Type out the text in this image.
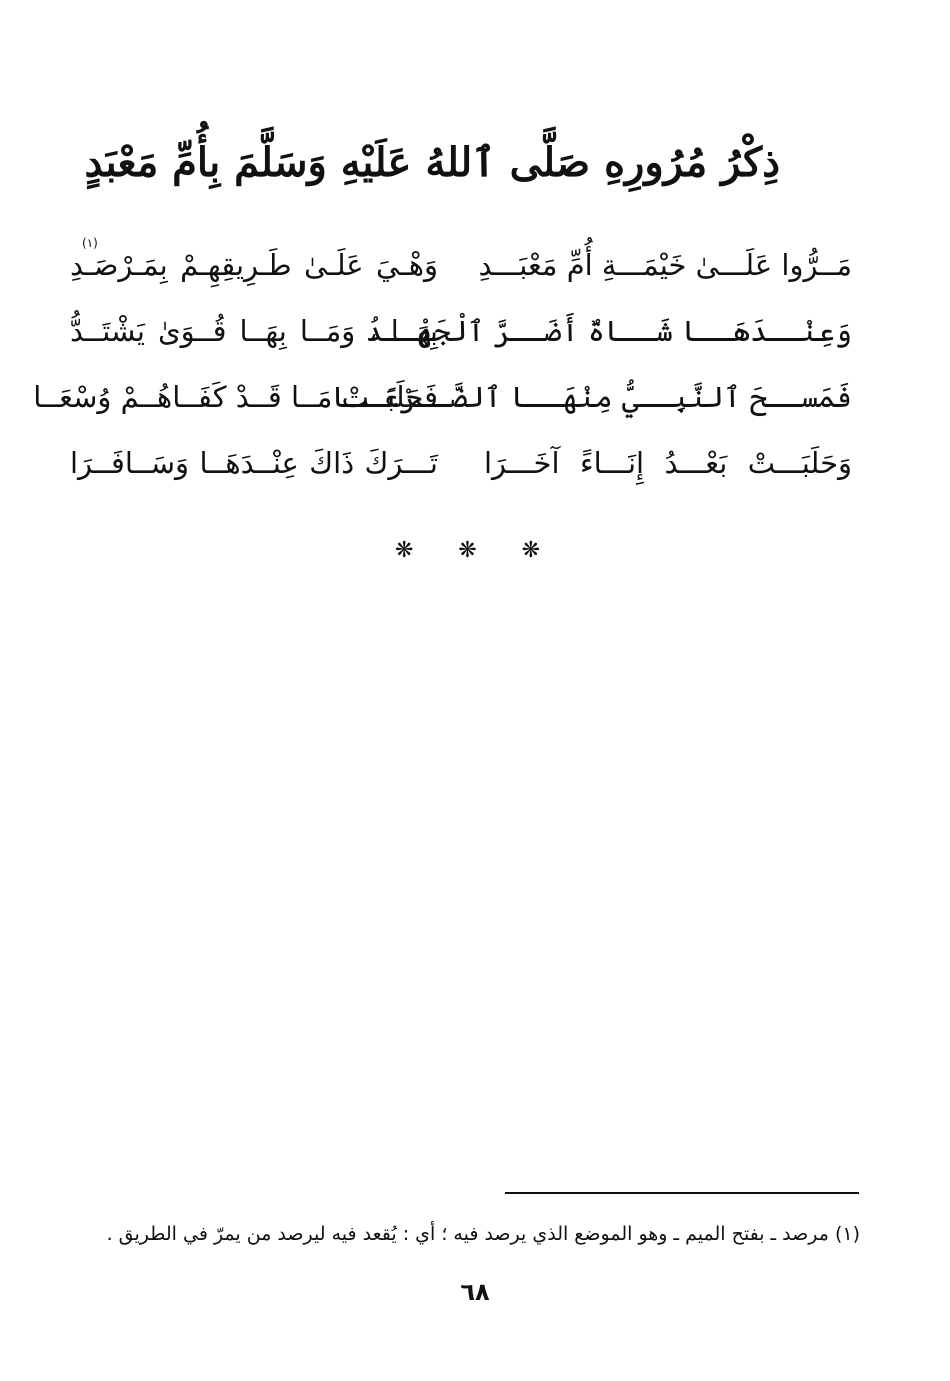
ذِكْرُ مُرُورِهِ صَلَّى ٱللهُ عَلَيْهِ وَسَلَّمَ بِأُمِّ مَعْبَدٍ
مَــرُّوا عَلَـــىٰ خَيْمَـــةِ أُمِّ مَعْبَـــدِ
وَهْـيَ عَلَـىٰ طَـرِيقِهِـمْ بِمَـرْصَـدِ
(١)
وَعِنْــدَهَــا شَــاةٌ أَضَــرَّ ٱلْجَهْــدُ
بِهَــا ، وَمَــا بِهَــا قُــوَىٰ يَشْتَــدُّ
فَمَســحَ ٱلنَّبِــيُّ مِنْهَــا ٱلضَّــرْعَــا
فَحَلَبَــتْ مَــا قَــدْ كَفَــاهُــمْ وُسْعَــا
وَحَلَبَـــتْ بَعْـــدُ إِنَـــاءً آخَـــرَا
تَـــرَكَ ذَاكَ عِنْــدَهَــا وَسَــافَــرَا
❋
❋
❋
(١) مرصد ـ بفتح الميم ـ وهو الموضع الذي يرصد فيه ؛ أي : يُقعد فيه ليرصد من يمرّ في الطريق .
٦٨
